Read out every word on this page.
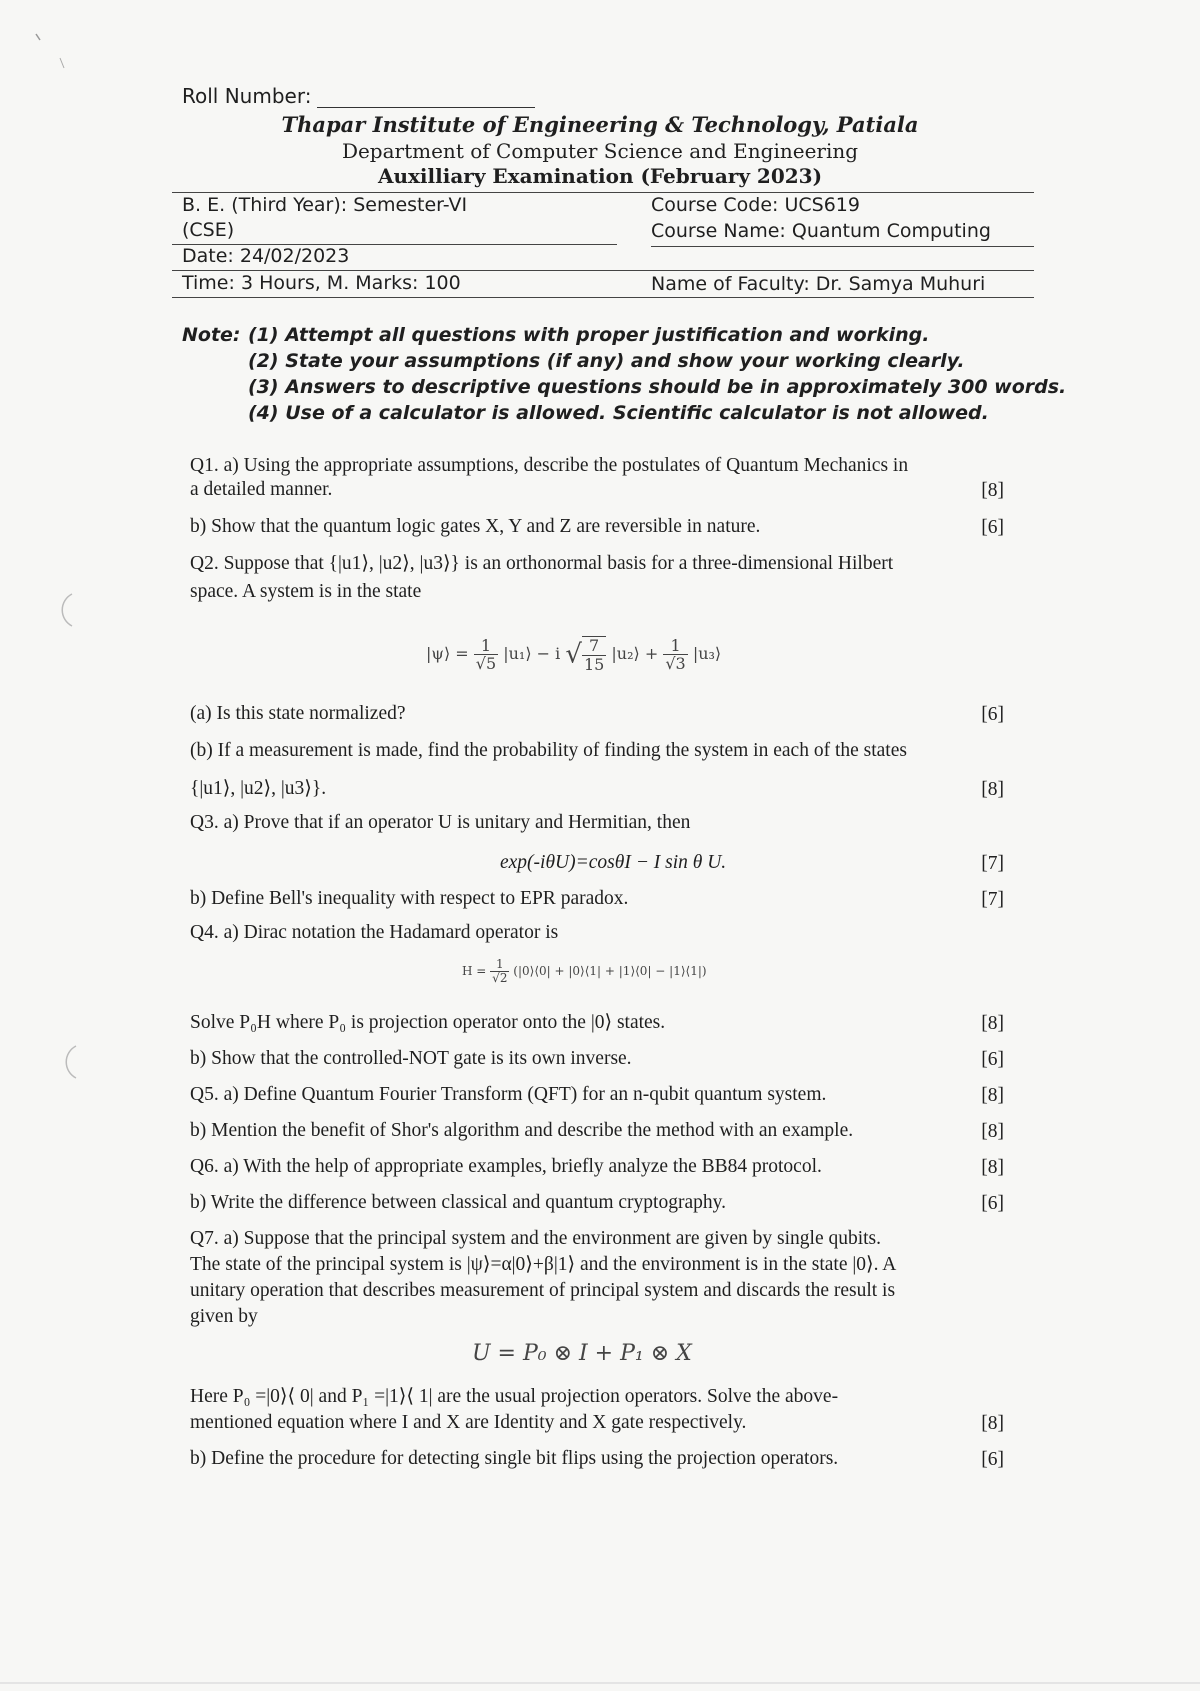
Roll Number:
Thapar Institute of Engineering & Technology, Patiala
Department of Computer Science and Engineering
Auxilliary Examination (February 2023)
B. E. (Third Year): Semester-VI	Course Code: UCS619
(CSE)	Course Name: Quantum Computing
Date: 24/02/2023
Time: 3 Hours, M. Marks: 100	Name of Faculty: Dr. Samya Muhuri
Note: (1) Attempt all questions with proper justification and working.
(2) State your assumptions (if any) and show your working clearly.
(3) Answers to descriptive questions should be in approximately 300 words.
(4) Use of a calculator is allowed. Scientific calculator is not allowed.
Q1. a) Using the appropriate assumptions, describe the postulates of Quantum Mechanics in
a detailed manner.	[8]
b) Show that the quantum logic gates X, Y and Z are reversible in nature.	[6]
Q2. Suppose that {|u1⟩, |u2⟩, |u3⟩} is an orthonormal basis for a three-dimensional Hilbert
space. A system is in the state
|ψ⟩ = $\frac{1}{√5}$ |u₁⟩ − i √ $\frac{7}{15}$ |u₂⟩ + $\frac{1}{√3}$ |u₃⟩
(a) Is this state normalized?	[6]
(b) If a measurement is made, find the probability of finding the system in each of the states
{|u1⟩, |u2⟩, |u3⟩}.	[8]
Q3. a) Prove that if an operator U is unitary and Hermitian, then
exp(-iθU)=cosθI − I sin θ U.	[7]
b) Define Bell's inequality with respect to EPR paradox.	[7]
Q4. a) Dirac notation the Hadamard operator is
$H = \frac{1}{√2}$ (|0⟩⟨0| + |0⟩⟨1| + |1⟩⟨0| − |1⟩⟨1|)
Solve P₀H where P₀ is projection operator onto the |0⟩ states.	[8]
b) Show that the controlled-NOT gate is its own inverse.	[6]
Q5. a) Define Quantum Fourier Transform (QFT) for an n-qubit quantum system.	[8]
b) Mention the benefit of Shor's algorithm and describe the method with an example.	[8]
Q6. a) With the help of appropriate examples, briefly analyze the BB84 protocol.	[8]
b) Write the difference between classical and quantum cryptography.	[6]
Q7. a) Suppose that the principal system and the environment are given by single qubits.
The state of the principal system is |ψ⟩=α|0⟩+β|1⟩ and the environment is in the state |0⟩. A
unitary operation that describes measurement of principal system and discards the result is
given by
U = P₀ ⊗ I + P₁ ⊗ X
Here P₀ =|0⟩⟨ 0| and P₁ =|1⟩⟨ 1| are the usual projection operators. Solve the above-
mentioned equation where I and X are Identity and X gate respectively.	[8]
b) Define the procedure for detecting single bit flips using the projection operators.	[6]
